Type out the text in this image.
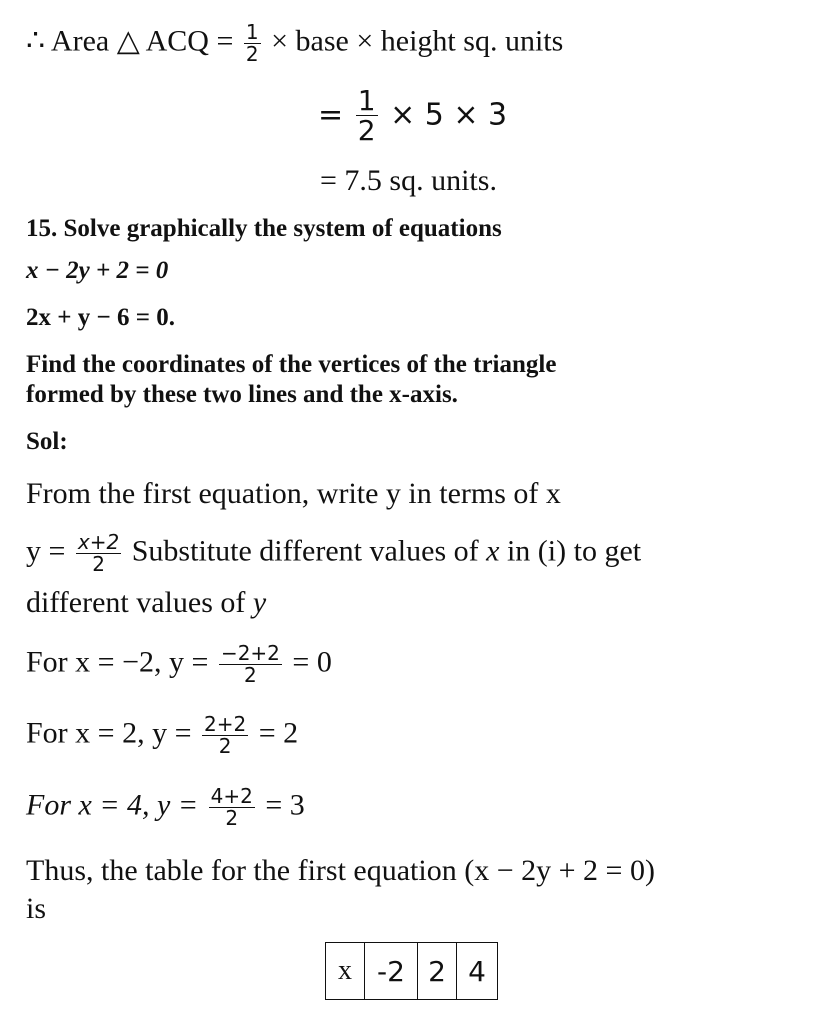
∴ Area △ ACQ = $\frac{1}{2}$ × base × height sq. units
= $\frac{1}{2} \times 5 \times 3$
= 7.5 sq. units.
15. Solve graphically the system of equations
x − 2y + 2 = 0
2x + y − 6 = 0.
Find the coordinates of the vertices of the triangle
formed by these two lines and the x-axis.
Sol:
From the first equation, write y in terms of x
$y = \frac{x+2}{2}$ Substitute different values of x in (i) to get
different values of y
For x = −2, $y = \frac{-2+2}{2} = 0$
For x = 2, $y = \frac{2+2}{2} = 2$
For x = 4, $y = \frac{4+2}{2} = 3$
Thus, the table for the first equation (x − 2y + 2 = 0)
is
x	-2	2	4
